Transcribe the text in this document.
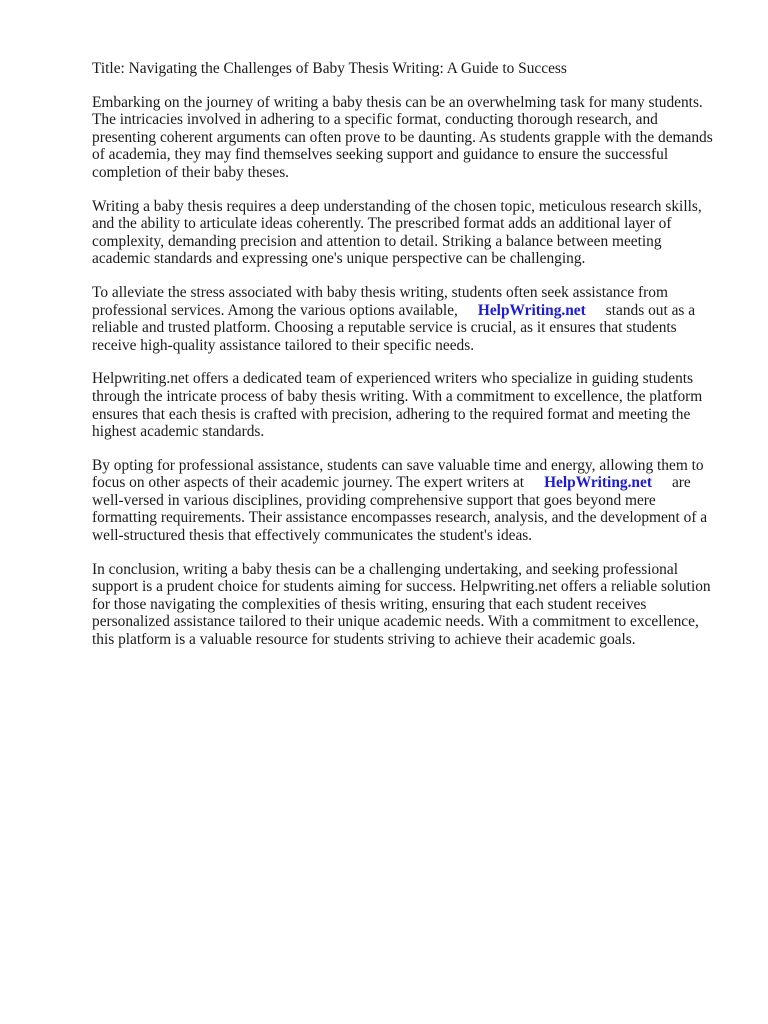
Title: Navigating the Challenges of Baby Thesis Writing: A Guide to Success

Embarking on the journey of writing a baby thesis can be an overwhelming task for many students. The intricacies involved in adhering to a specific format, conducting thorough research, and presenting coherent arguments can often prove to be daunting. As students grapple with the demands of academia, they may find themselves seeking support and guidance to ensure the successful completion of their baby theses.

Writing a baby thesis requires a deep understanding of the chosen topic, meticulous research skills, and the ability to articulate ideas coherently. The prescribed format adds an additional layer of complexity, demanding precision and attention to detail. Striking a balance between meeting academic standards and expressing one's unique perspective can be challenging.

To alleviate the stress associated with baby thesis writing, students often seek assistance from professional services. Among the various options available, HelpWriting.net stands out as a reliable and trusted platform. Choosing a reputable service is crucial, as it ensures that students receive high-quality assistance tailored to their specific needs.

Helpwriting.net offers a dedicated team of experienced writers who specialize in guiding students through the intricate process of baby thesis writing. With a commitment to excellence, the platform ensures that each thesis is crafted with precision, adhering to the required format and meeting the highest academic standards.

By opting for professional assistance, students can save valuable time and energy, allowing them to focus on other aspects of their academic journey. The expert writers at HelpWriting.net are well-versed in various disciplines, providing comprehensive support that goes beyond mere formatting requirements. Their assistance encompasses research, analysis, and the development of a well-structured thesis that effectively communicates the student's ideas.

In conclusion, writing a baby thesis can be a challenging undertaking, and seeking professional support is a prudent choice for students aiming for success. Helpwriting.net offers a reliable solution for those navigating the complexities of thesis writing, ensuring that each student receives personalized assistance tailored to their unique academic needs. With a commitment to excellence, this platform is a valuable resource for students striving to achieve their academic goals.
